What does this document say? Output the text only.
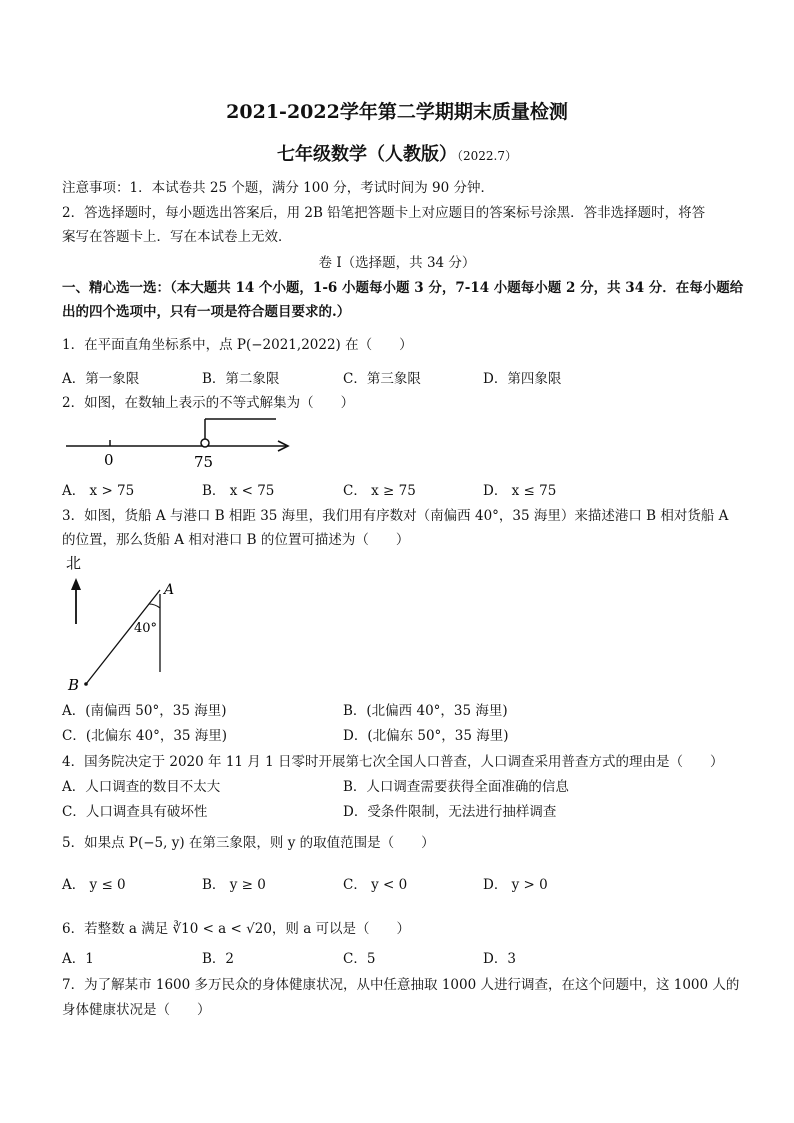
2021-2022学年第二学期期末质量检测
七年级数学（人教版）（2022.7）
注意事项：1．本试卷共 25 个题，满分 100 分，考试时间为 90 分钟．
2．答选择题时，每小题选出答案后，用 2B 铅笔把答题卡上对应题目的答案标号涂黑．答非选择题时，将答
案写在答题卡上．写在本试卷上无效．
卷 I（选择题，共 34 分）
一、精心选一选：（本大题共 14 个小题，1-6 小题每小题 3 分，7-14 小题每小题 2 分，共 34 分．在每小题给
出的四个选项中，只有一项是符合题目要求的.）
1．在平面直角坐标系中，点 P(−2021,2022) 在（　　）
A．第一象限	B．第二象限	C．第三象限	D．第四象限
2．如图，在数轴上表示的不等式解集为（　　）
0	75
A． x > 75	B． x < 75	C． x ≥ 75	D． x ≤ 75
3．如图，货船 A 与港口 B 相距 35 海里，我们用有序数对（南偏西 40°，35 海里）来描述港口 B 相对货船 A
的位置，那么货船 A 相对港口 B 的位置可描述为（　　）
北
A
40°
B
A．(南偏西 50°，35 海里)	B．(北偏西 40°，35 海里)
C．(北偏东 40°，35 海里)	D．(北偏东 50°，35 海里)
4．国务院决定于 2020 年 11 月 1 日零时开展第七次全国人口普查，人口调查采用普查方式的理由是（　　）
A．人口调查的数目不太大	B．人口调查需要获得全面准确的信息
C．人口调查具有破坏性	D．受条件限制，无法进行抽样调查
5．如果点 P(−5, y) 在第三象限，则 y 的取值范围是（　　）
A． y ≤ 0	B． y ≥ 0	C． y < 0	D． y > 0
6．若整数 a 满足 ∛10 < a < √20，则 a 可以是（　　）
A．1	B．2	C．5	D．3
7．为了解某市 1600 多万民众的身体健康状况，从中任意抽取 1000 人进行调查，在这个问题中，这 1000 人的
身体健康状况是（　　）
